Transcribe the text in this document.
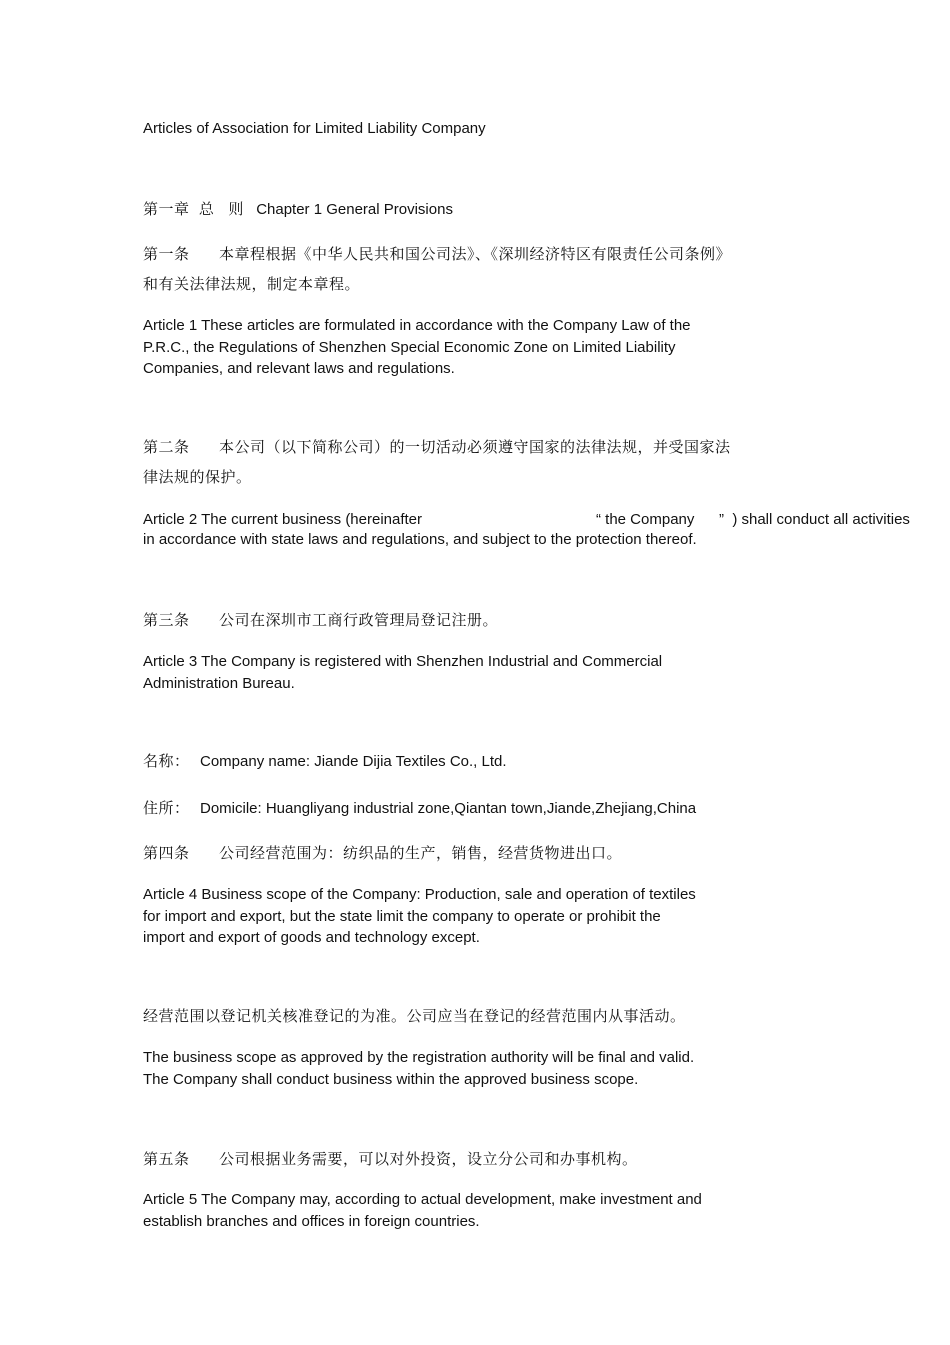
Articles of Association for Limited Liability Company
第一章  总   则 Chapter 1 General Provisions
第一条 本章程根据《中华人民共和国公司法》、《深圳经济特区有限责任公司条例》
和有关法律法规，制定本章程。
Article 1 These articles are formulated in accordance with the Company Law of the
P.R.C., the Regulations of Shenzhen Special Economic Zone on Limited Liability
Companies, and relevant laws and regulations.
第二条 本公司（以下简称公司）的一切活动必须遵守国家的法律法规，并受国家法
律法规的保护。
Article 2 The current business (hereinafter	“ the Company ”  ) shall conduct all activities
in accordance with state laws and regulations, and subject to the protection thereof.
第三条 公司在深圳市工商行政管理局登记注册。
Article 3 The Company is registered with Shenzhen Industrial and Commercial
Administration Bureau.
名称： Company name: Jiande Dijia Textiles Co., Ltd.
住所： Domicile: Huangliyang industrial zone,Qiantan town,Jiande,Zhejiang,China
第四条 公司经营范围为：纺织品的生产，销售，经营货物进出口。
Article 4 Business scope of the Company: Production, sale and operation of textiles
for import and export, but the state limit the company to operate or prohibit the
import and export of goods and technology except.
经营范围以登记机关核准登记的为准。公司应当在登记的经营范围内从事活动。
The business scope as approved by the registration authority will be final and valid.
The Company shall conduct business within the approved business scope.
第五条 公司根据业务需要，可以对外投资，设立分公司和办事机构。
Article 5 The Company may, according to actual development, make investment and
establish branches and offices in foreign countries.
